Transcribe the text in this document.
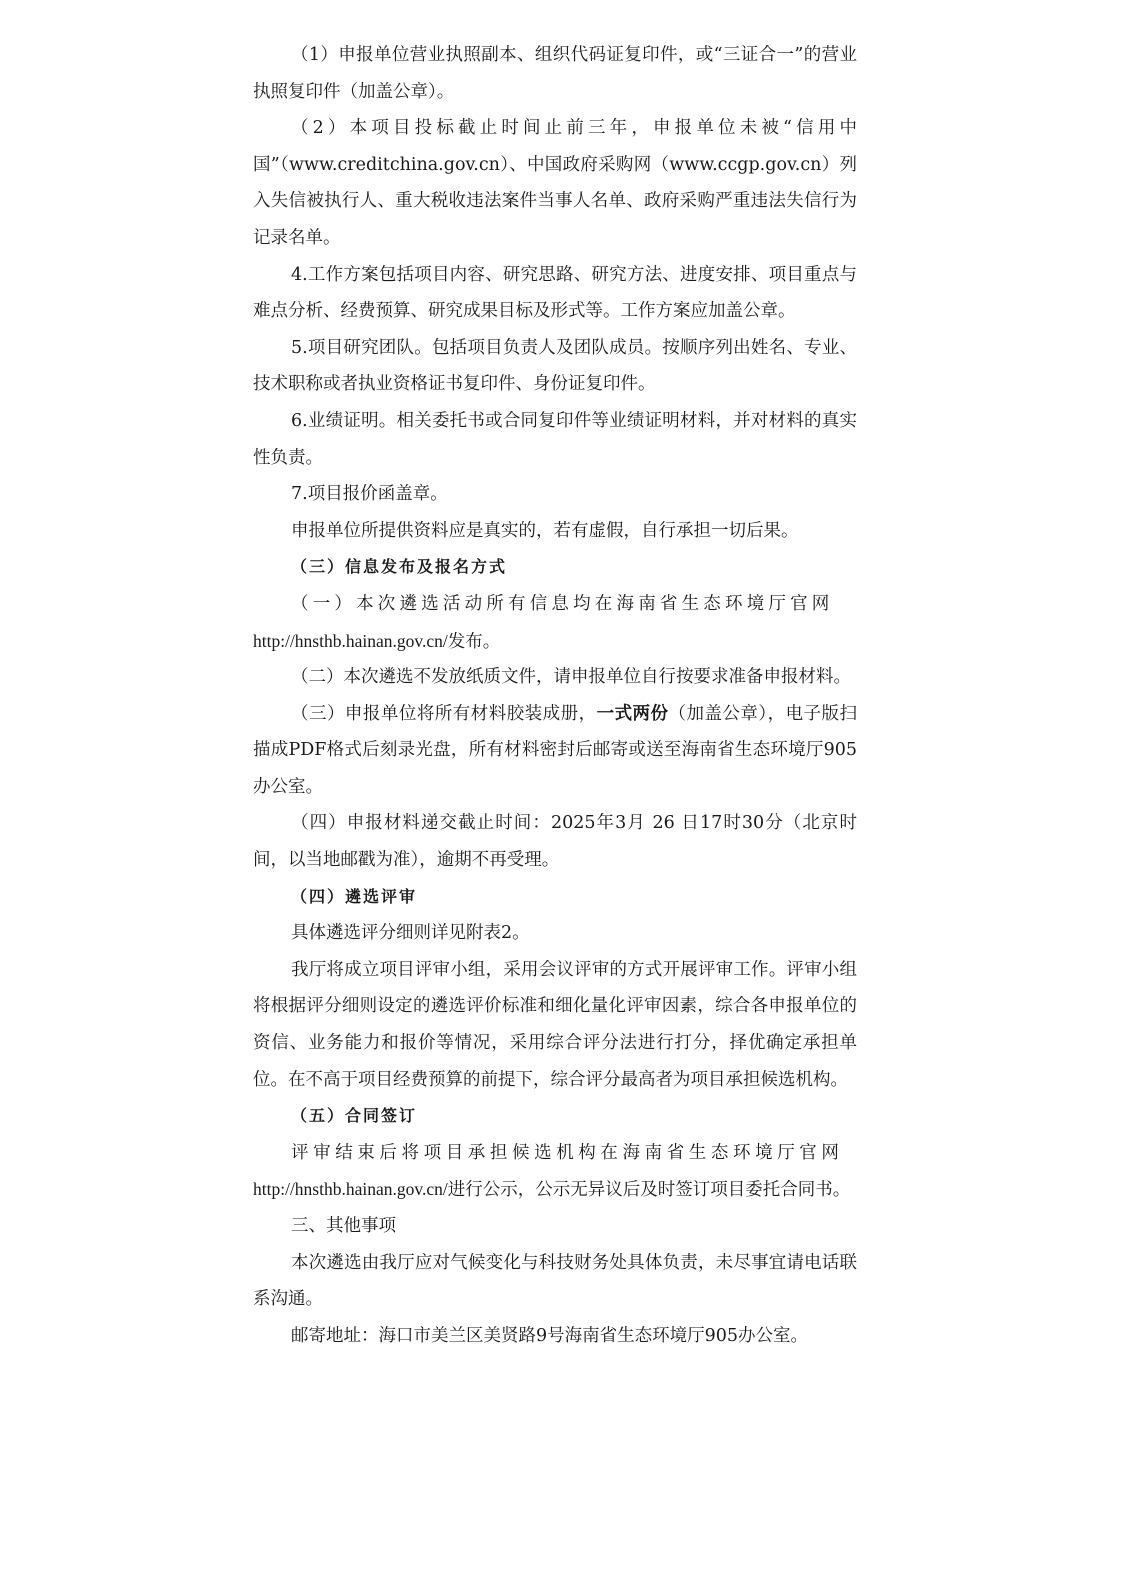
（1）申报单位营业执照副本、组织代码证复印件，或“三证合一”的营业执照复印件（加盖公章）。

（2）本项目投标截止时间止前三年，申报单位未被“信用中国”（www.creditchina.gov.cn）、中国政府采购网（www.ccgp.gov.cn）列入失信被执行人、重大税收违法案件当事人名单、政府采购严重违法失信行为记录名单。

4.工作方案包括项目内容、研究思路、研究方法、进度安排、项目重点与难点分析、经费预算、研究成果目标及形式等。工作方案应加盖公章。

5.项目研究团队。包括项目负责人及团队成员。按顺序列出姓名、专业、技术职称或者执业资格证书复印件、身份证复印件。

6.业绩证明。相关委托书或合同复印件等业绩证明材料，并对材料的真实性负责。

7.项目报价函盖章。

申报单位所提供资料应是真实的，若有虚假，自行承担一切后果。

（三）信息发布及报名方式

（一）本次遴选活动所有信息均在海南省生态环境厅官网

http://hnsthb.hainan.gov.cn/发布。

（二）本次遴选不发放纸质文件，请申报单位自行按要求准备申报材料。

（三）申报单位将所有材料胶装成册，一式两份（加盖公章），电子版扫描成PDF格式后刻录光盘，所有材料密封后邮寄或送至海南省生态环境厅905办公室。

（四）申报材料递交截止时间：2025年3月 26 日17时30分（北京时间，以当地邮戳为准），逾期不再受理。

（四）遴选评审

具体遴选评分细则详见附表2。

我厅将成立项目评审小组，采用会议评审的方式开展评审工作。评审小组将根据评分细则设定的遴选评价标准和细化量化评审因素，综合各申报单位的资信、业务能力和报价等情况，采用综合评分法进行打分，择优确定承担单位。在不高于项目经费预算的前提下，综合评分最高者为项目承担候选机构。

（五）合同签订

评审结束后将项目承担候选机构在海南省生态环境厅官网

http://hnsthb.hainan.gov.cn/进行公示，公示无异议后及时签订项目委托合同书。

三、其他事项

本次遴选由我厅应对气候变化与科技财务处具体负责，未尽事宜请电话联系沟通。

邮寄地址：海口市美兰区美贤路9号海南省生态环境厅905办公室。
